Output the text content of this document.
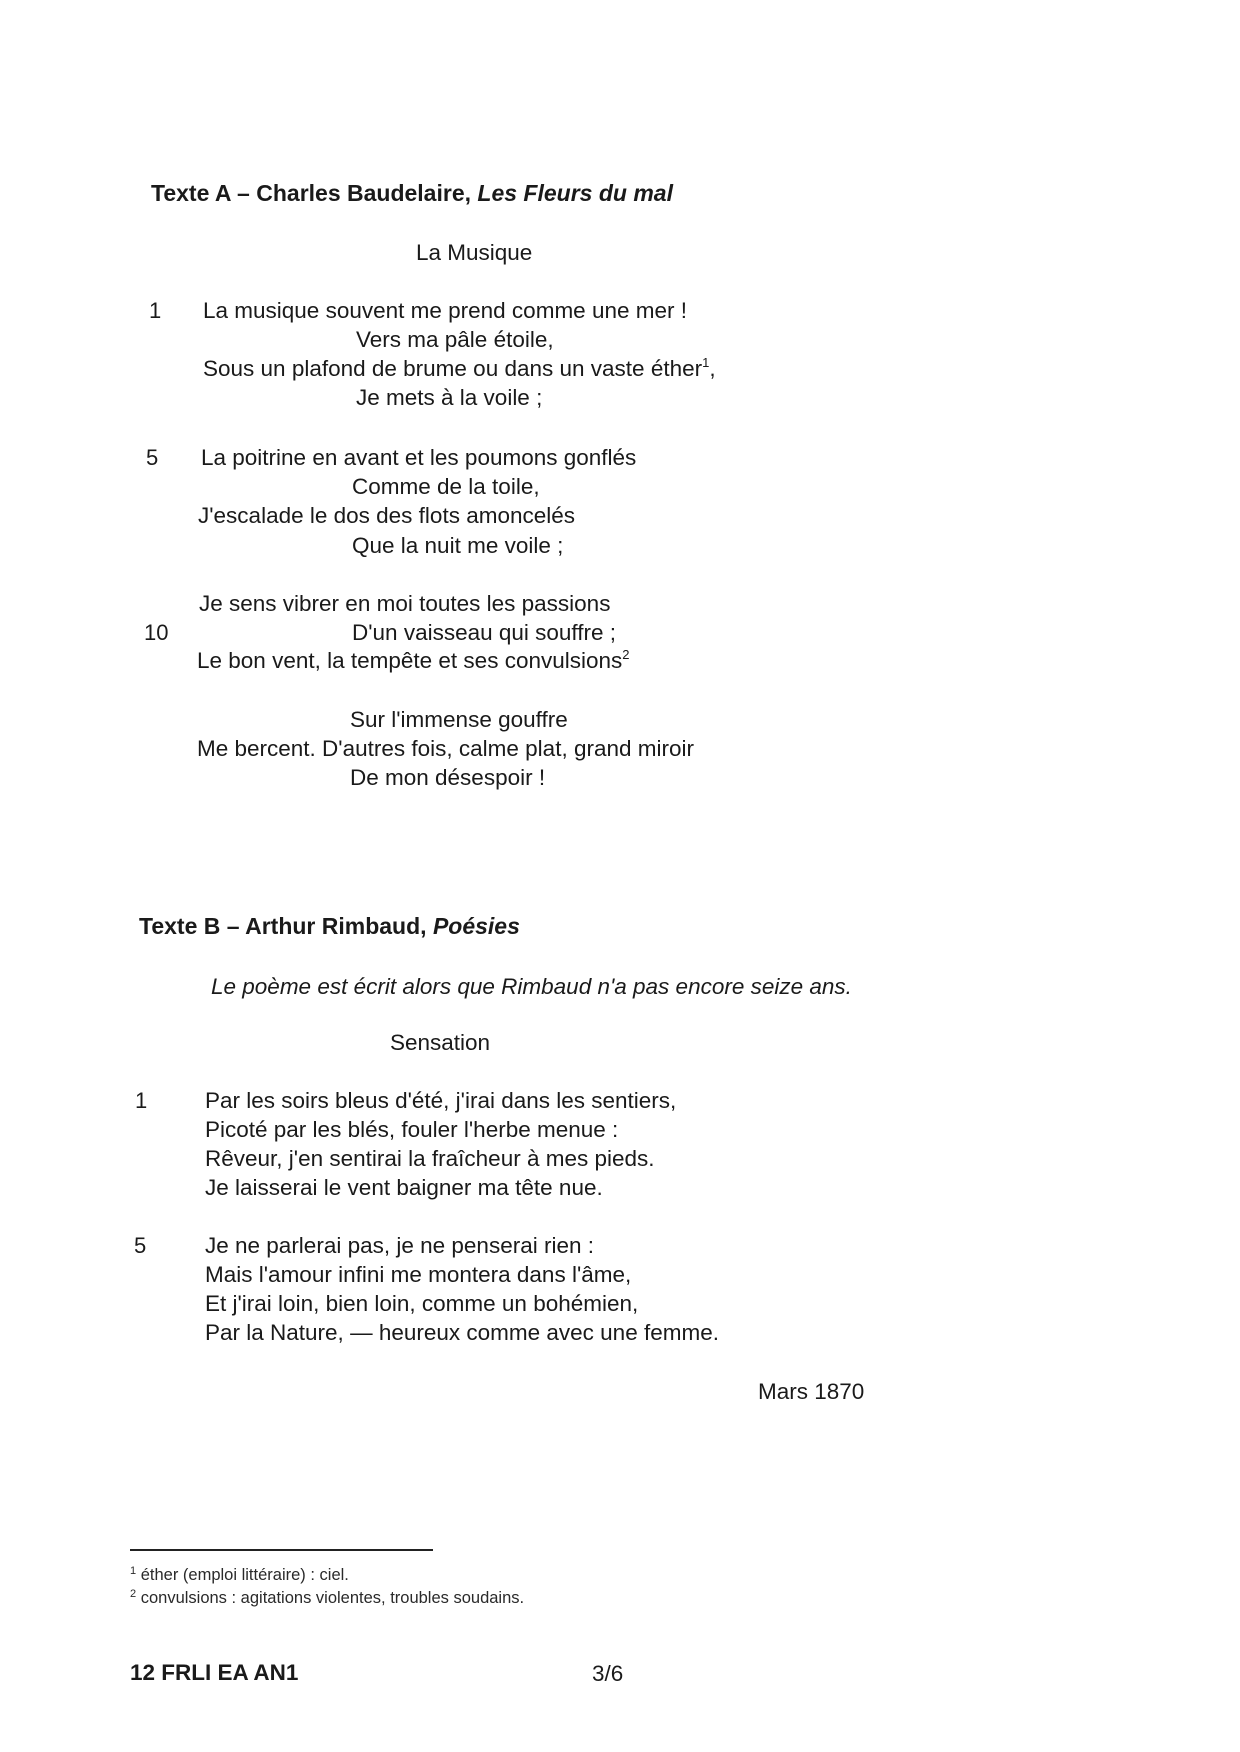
Texte A – Charles Baudelaire, Les Fleurs du mal
La Musique
1
5
10
La musique souvent me prend comme une mer !
Vers ma pâle étoile,
Sous un plafond de brume ou dans un vaste éther$^1$,
Je mets à la voile ;
La poitrine en avant et les poumons gonflés
Comme de la toile,
J'escalade le dos des flots amoncelés
Que la nuit me voile ;
Je sens vibrer en moi toutes les passions
D'un vaisseau qui souffre ;
Le bon vent, la tempête et ses convulsions$^2$
Sur l'immense gouffre
Me bercent. D'autres fois, calme plat, grand miroir
De mon désespoir !
Texte B – Arthur Rimbaud, Poésies
Le poème est écrit alors que Rimbaud n'a pas encore seize ans.
Sensation
1
5
Par les soirs bleus d'été, j'irai dans les sentiers,
Picoté par les blés, fouler l'herbe menue :
Rêveur, j'en sentirai la fraîcheur à mes pieds.
Je laisserai le vent baigner ma tête nue.
Je ne parlerai pas, je ne penserai rien :
Mais l'amour infini me montera dans l'âme,
Et j'irai loin, bien loin, comme un bohémien,
Par la Nature, — heureux comme avec une femme.
Mars 1870
$^1$ éther (emploi littéraire) : ciel.
$^2$ convulsions : agitations violentes, troubles soudains.
12 FRLI EA AN1	3/6
